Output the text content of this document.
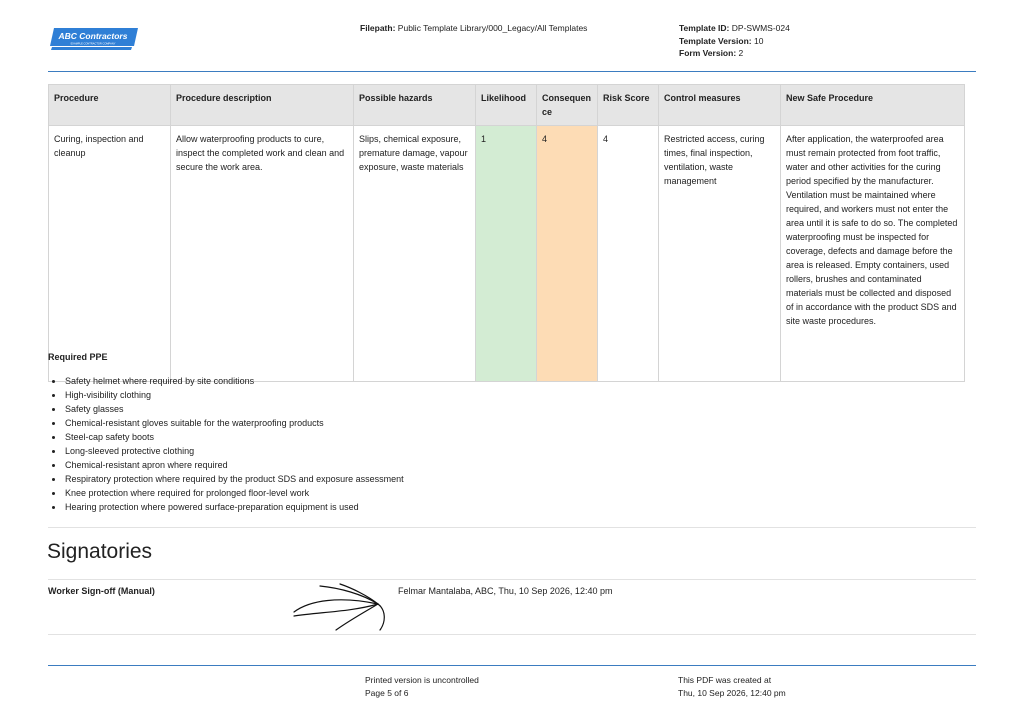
ABC Contractors
EXAMPLE CONTRACTOR COMPANY
Filepath: Public Template Library/000_Legacy/All Templates	Template ID: DP-SWMS-024
Template Version: 10
Form Version: 2
Procedure	Procedure description	Possible hazards	Likelihood	Consequence	Risk Score	Control measures	New Safe Procedure
Curing, inspection and cleanup	Allow waterproofing products to cure, inspect the completed work and clean and secure the work area.	Slips, chemical exposure, premature damage, vapour exposure, waste materials	1	4	4	Restricted access, curing times, final inspection, ventilation, waste management	After application, the waterproofed area must remain protected from foot traffic, water and other activities for the curing period specified by the manufacturer. Ventilation must be maintained where required, and workers must not enter the area until it is safe to do so. The completed waterproofing must be inspected for coverage, defects and damage before the area is released. Empty containers, used rollers, brushes and contaminated materials must be collected and disposed of in accordance with the product SDS and site waste procedures.
Required PPE
• Safety helmet where required by site conditions
• High-visibility clothing
• Safety glasses
• Chemical-resistant gloves suitable for the waterproofing products
• Steel-cap safety boots
• Long-sleeved protective clothing
• Chemical-resistant apron where required
• Respiratory protection where required by the product SDS and exposure assessment
• Knee protection where required for prolonged floor-level work
• Hearing protection where powered surface-preparation equipment is used
Signatories
Worker Sign-off (Manual)	Felmar Mantalaba, ABC, Thu, 10 Sep 2026, 12:40 pm
Printed version is uncontrolled
Page 5 of 6
This PDF was created at
Thu, 10 Sep 2026, 12:40 pm
